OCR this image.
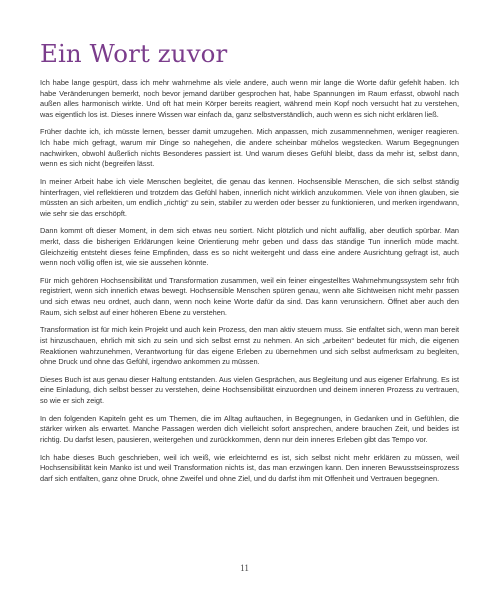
Ein Wort zuvor

Ich habe lange gespürt, dass ich mehr wahrnehme als viele andere, auch wenn mir lange die Worte dafür gefehlt haben. Ich habe Veränderungen bemerkt, noch bevor jemand darüber gesprochen hat, habe Spannungen im Raum erfasst, obwohl nach außen alles harmonisch wirkte. Und oft hat mein Körper bereits reagiert, während mein Kopf noch versucht hat zu verstehen, was eigentlich los ist. Dieses innere Wissen war einfach da, ganz selbstverständlich, auch wenn es sich nicht erklären ließ.

Früher dachte ich, ich müsste lernen, besser damit umzugehen. Mich anpassen, mich zusammennehmen, weniger reagieren. Ich habe mich gefragt, warum mir Dinge so nahegehen, die andere scheinbar mühelos wegstecken. Warum Begegnungen nachwirken, obwohl äußerlich nichts Besonderes passiert ist. Und warum dieses Gefühl bleibt, dass da mehr ist, selbst dann, wenn es sich nicht (begreifen lässt.

In meiner Arbeit habe ich viele Menschen begleitet, die genau das kennen. Hochsensible Menschen, die sich selbst ständig hinterfragen, viel reflektieren und trotzdem das Gefühl haben, innerlich nicht wirklich anzukommen. Viele von ihnen glauben, sie müssten an sich arbeiten, um endlich „richtig“ zu sein, stabiler zu werden oder besser zu funktionieren, und merken irgendwann, wie sehr sie das erschöpft.

Dann kommt oft dieser Moment, in dem sich etwas neu sortiert. Nicht plötzlich und nicht auffällig, aber deutlich spürbar. Man merkt, dass die bisherigen Erklärungen keine Orientierung mehr geben und dass das ständige Tun innerlich müde macht. Gleichzeitig entsteht dieses feine Empfinden, dass es so nicht weitergeht und dass eine andere Ausrichtung gefragt ist, auch wenn noch völlig offen ist, wie sie aussehen könnte.

Für mich gehören Hochsensibilität und Transformation zusammen, weil ein feiner eingestelltes Wahrnehmungssystem sehr früh registriert, wenn sich innerlich etwas bewegt. Hochsensible Menschen spüren genau, wenn alte Sichtweisen nicht mehr passen und sich etwas neu ordnet, auch dann, wenn noch keine Worte dafür da sind. Das kann verunsichern. Öffnet aber auch den Raum, sich selbst auf einer höheren Ebene zu verstehen.

Transformation ist für mich kein Projekt und auch kein Prozess, den man aktiv steuern muss. Sie entfaltet sich, wenn man bereit ist hinzuschauen, ehrlich mit sich zu sein und sich selbst ernst zu nehmen. An sich „arbeiten“ bedeutet für mich, die eigenen Reaktionen wahrzunehmen, Verantwortung für das eigene Erleben zu übernehmen und sich selbst aufmerksam zu begleiten, ohne Druck und ohne das Gefühl, irgendwo ankommen zu müssen.

Dieses Buch ist aus genau dieser Haltung entstanden. Aus vielen Gesprächen, aus Begleitung und aus eigener Erfahrung. Es ist eine Einladung, dich selbst besser zu verstehen, deine Hochsensibilität einzuordnen und deinem inneren Prozess zu vertrauen, so wie er sich zeigt.

In den folgenden Kapiteln geht es um Themen, die im Alltag auftauchen, in Begegnungen, in Gedanken und in Gefühlen, die stärker wirken als erwartet. Manche Passagen werden dich vielleicht sofort ansprechen, andere brauchen Zeit, und beides ist richtig. Du darfst lesen, pausieren, weitergehen und zurückkommen, denn nur dein inneres Erleben gibt das Tempo vor.

Ich habe dieses Buch geschrieben, weil ich weiß, wie erleichternd es ist, sich selbst nicht mehr erklären zu müssen, weil Hochsensibilität kein Manko ist und weil Transformation nichts ist, das man erzwingen kann. Den inneren Bewusstseinsprozess darf sich entfalten, ganz ohne Druck, ohne Zweifel und ohne Ziel, und du darfst ihm mit Offenheit und Vertrauen begegnen.

11
